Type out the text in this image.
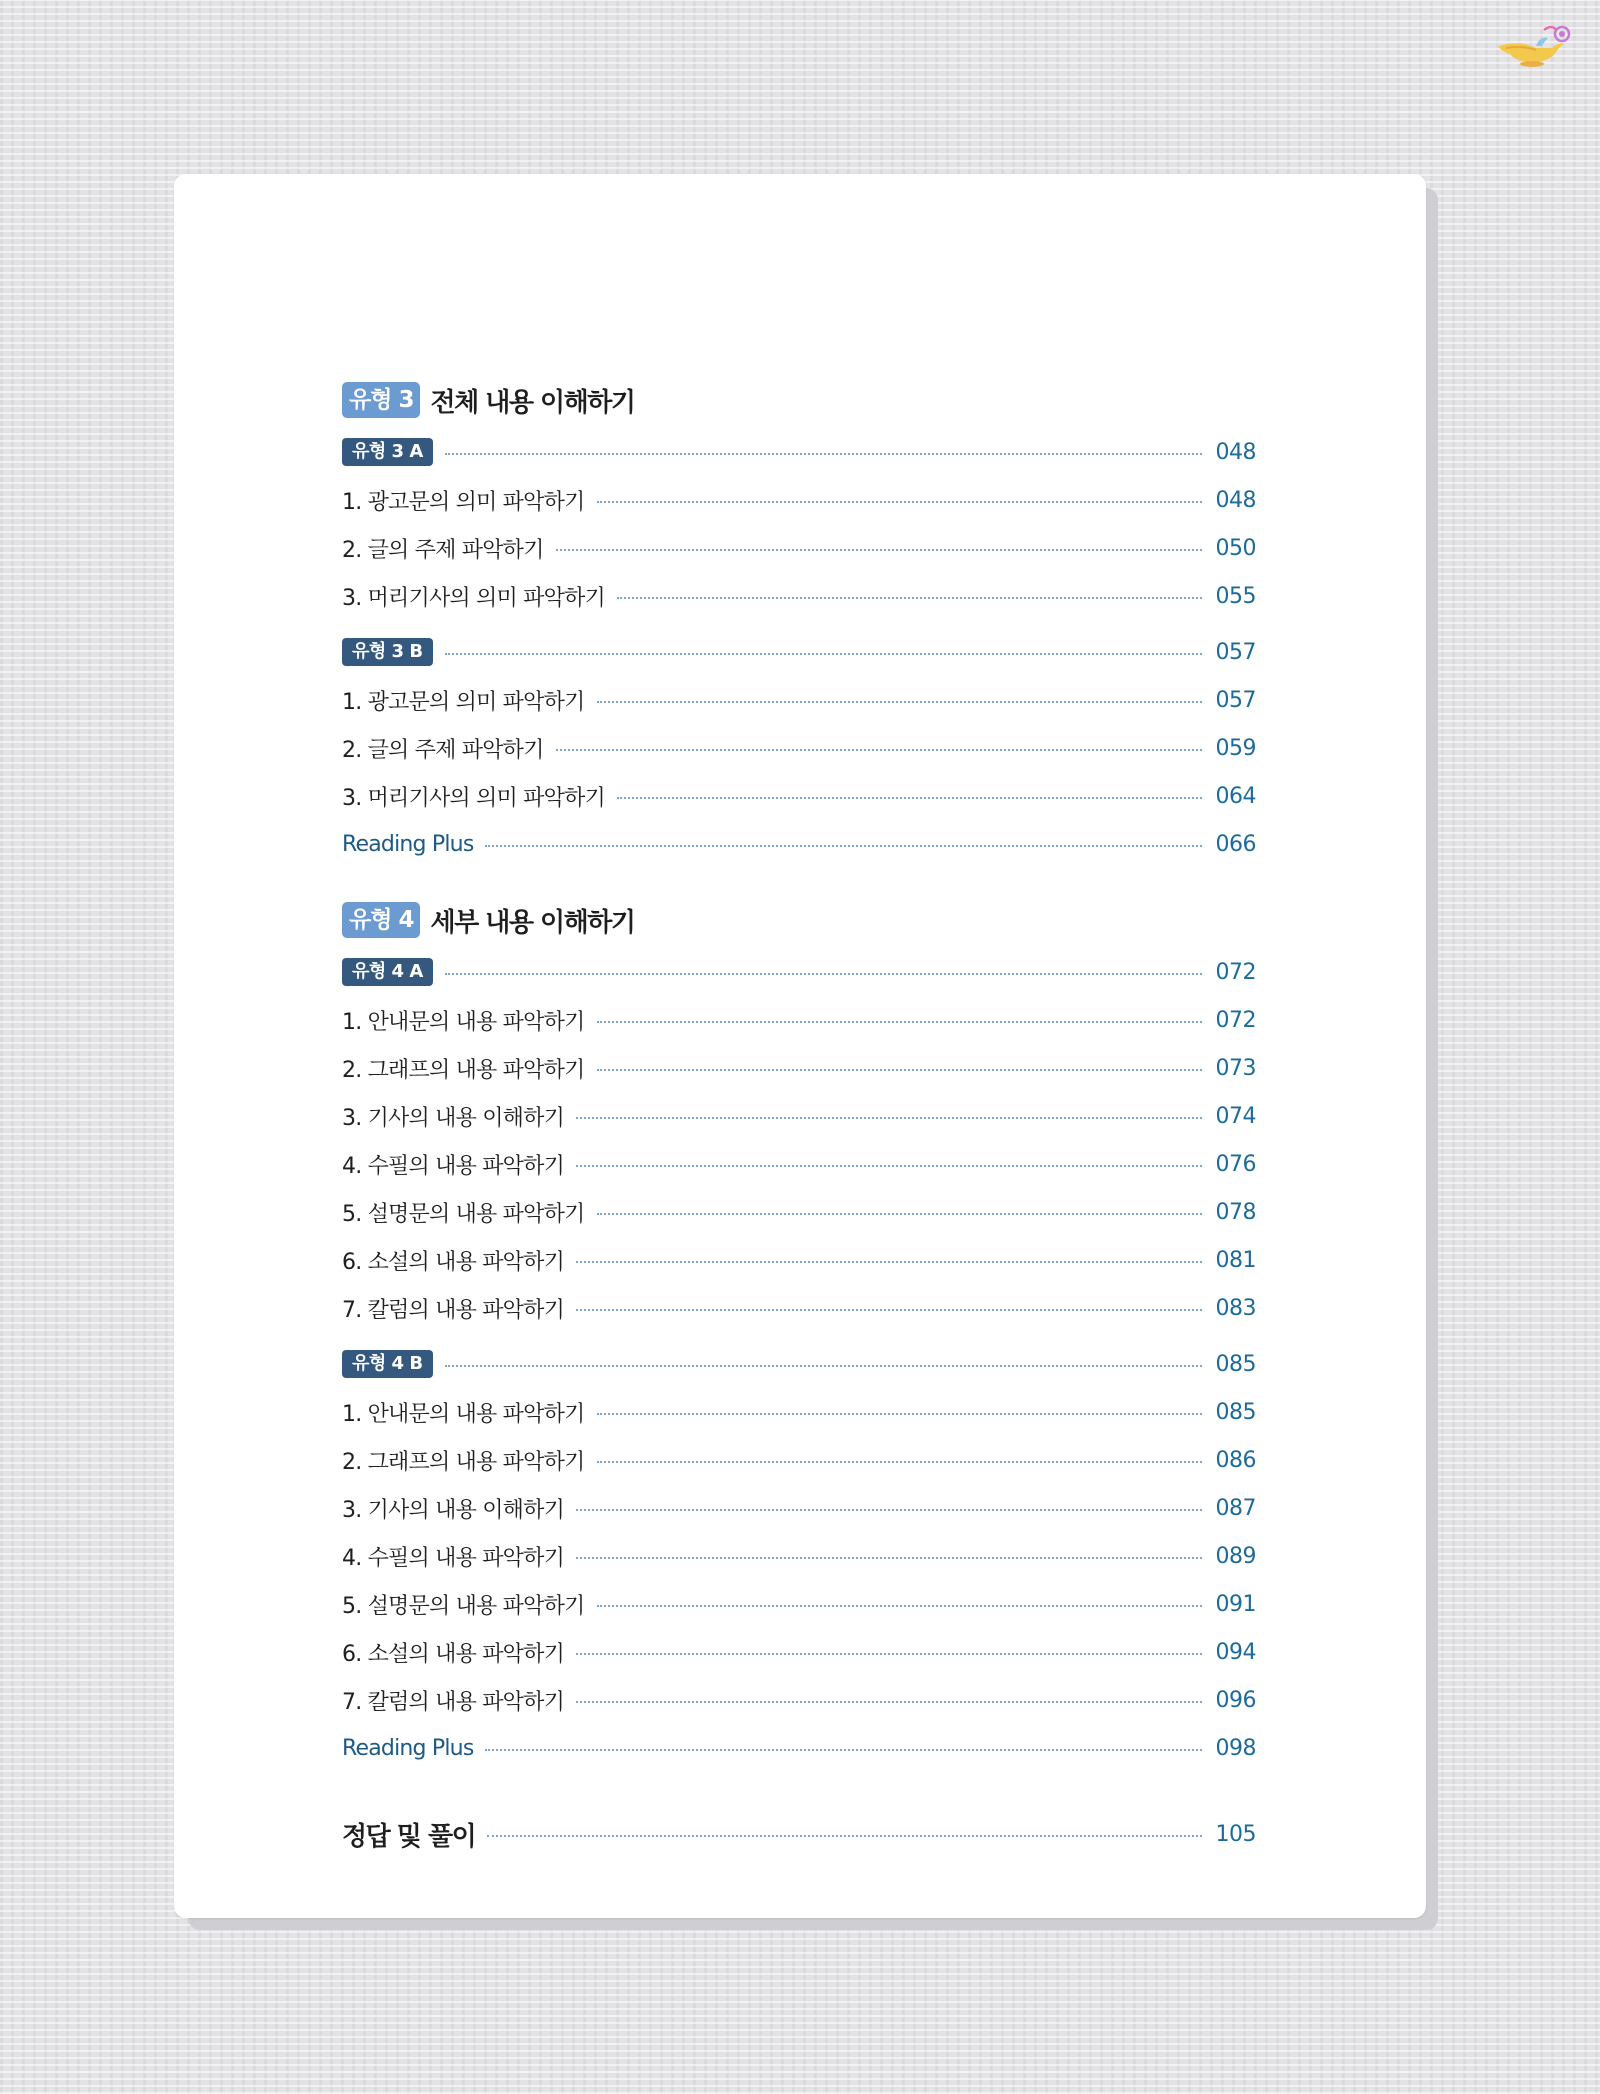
유형 3 전체 내용 이해하기
유형 3 A	048
1. 광고문의 의미 파악하기	048
2. 글의 주제 파악하기	050
3. 머리기사의 의미 파악하기	055
유형 3 B	057
1. 광고문의 의미 파악하기	057
2. 글의 주제 파악하기	059
3. 머리기사의 의미 파악하기	064
Reading Plus	066
유형 4 세부 내용 이해하기
유형 4 A	072
1. 안내문의 내용 파악하기	072
2. 그래프의 내용 파악하기	073
3. 기사의 내용 이해하기	074
4. 수필의 내용 파악하기	076
5. 설명문의 내용 파악하기	078
6. 소설의 내용 파악하기	081
7. 칼럼의 내용 파악하기	083
유형 4 B	085
1. 안내문의 내용 파악하기	085
2. 그래프의 내용 파악하기	086
3. 기사의 내용 이해하기	087
4. 수필의 내용 파악하기	089
5. 설명문의 내용 파악하기	091
6. 소설의 내용 파악하기	094
7. 칼럼의 내용 파악하기	096
Reading Plus	098
정답 및 풀이	105
